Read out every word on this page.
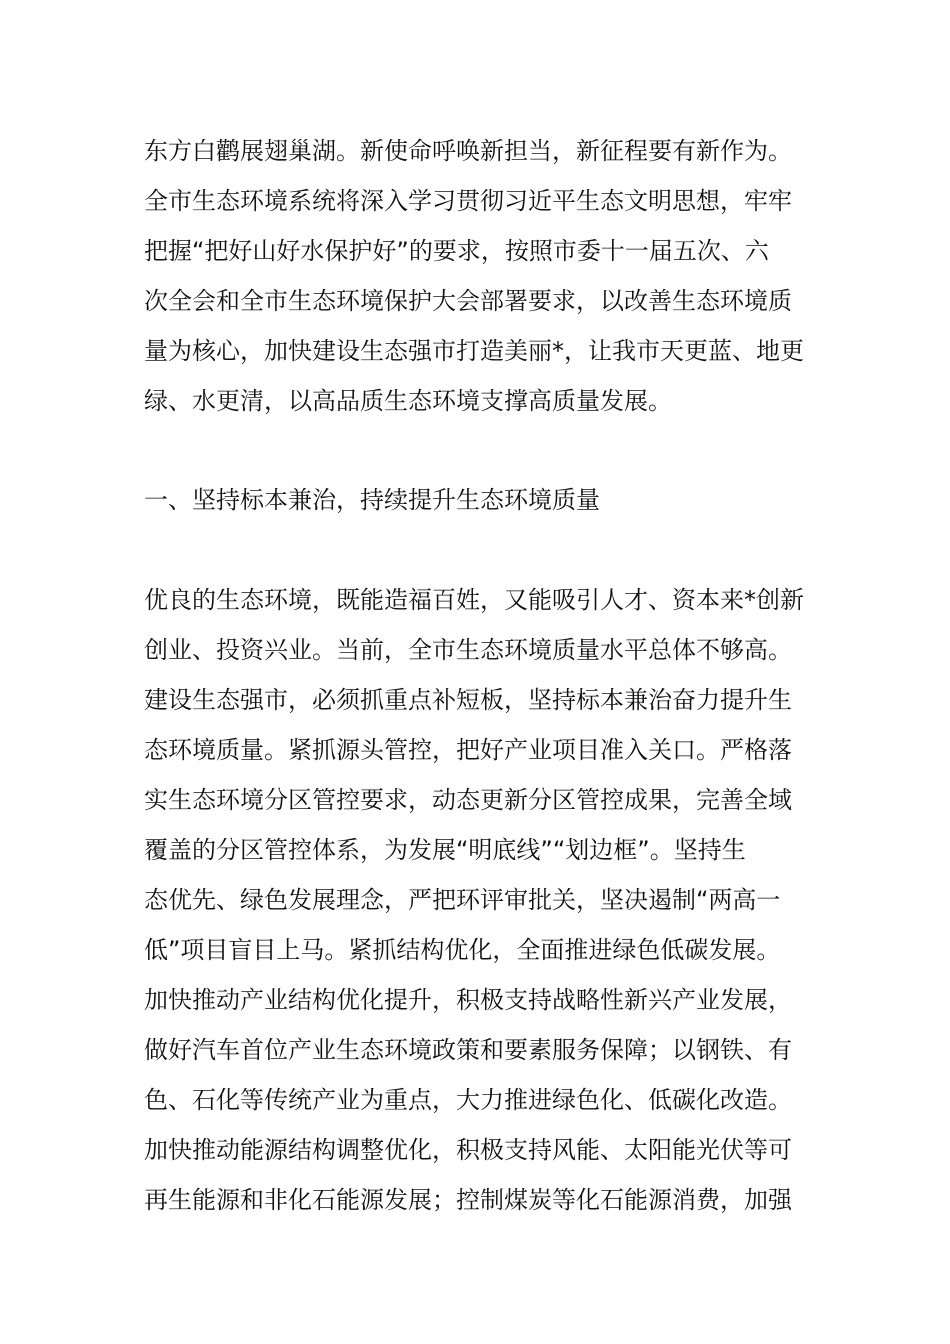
东方白鹳展翅巢湖。新使命呼唤新担当，新征程要有新作为。
全市生态环境系统将深入学习贯彻习近平生态文明思想，牢牢
把握“把好山好水保护好”的要求，按照市委十一届五次、六
次全会和全市生态环境保护大会部署要求，以改善生态环境质
量为核心，加快建设生态强市打造美丽*，让我市天更蓝、地更
绿、水更清，以高品质生态环境支撑高质量发展。
一、坚持标本兼治，持续提升生态环境质量
优良的生态环境，既能造福百姓，又能吸引人才、资本来*创新
创业、投资兴业。当前，全市生态环境质量水平总体不够高。
建设生态强市，必须抓重点补短板，坚持标本兼治奋力提升生
态环境质量。紧抓源头管控，把好产业项目准入关口。严格落
实生态环境分区管控要求，动态更新分区管控成果，完善全域
覆盖的分区管控体系，为发展“明底线”“划边框”。坚持生
态优先、绿色发展理念，严把环评审批关，坚决遏制“两高一
低”项目盲目上马。紧抓结构优化，全面推进绿色低碳发展。
加快推动产业结构优化提升，积极支持战略性新兴产业发展，
做好汽车首位产业生态环境政策和要素服务保障；以钢铁、有
色、石化等传统产业为重点，大力推进绿色化、低碳化改造。
加快推动能源结构调整优化，积极支持风能、太阳能光伏等可
再生能源和非化石能源发展；控制煤炭等化石能源消费，加强
